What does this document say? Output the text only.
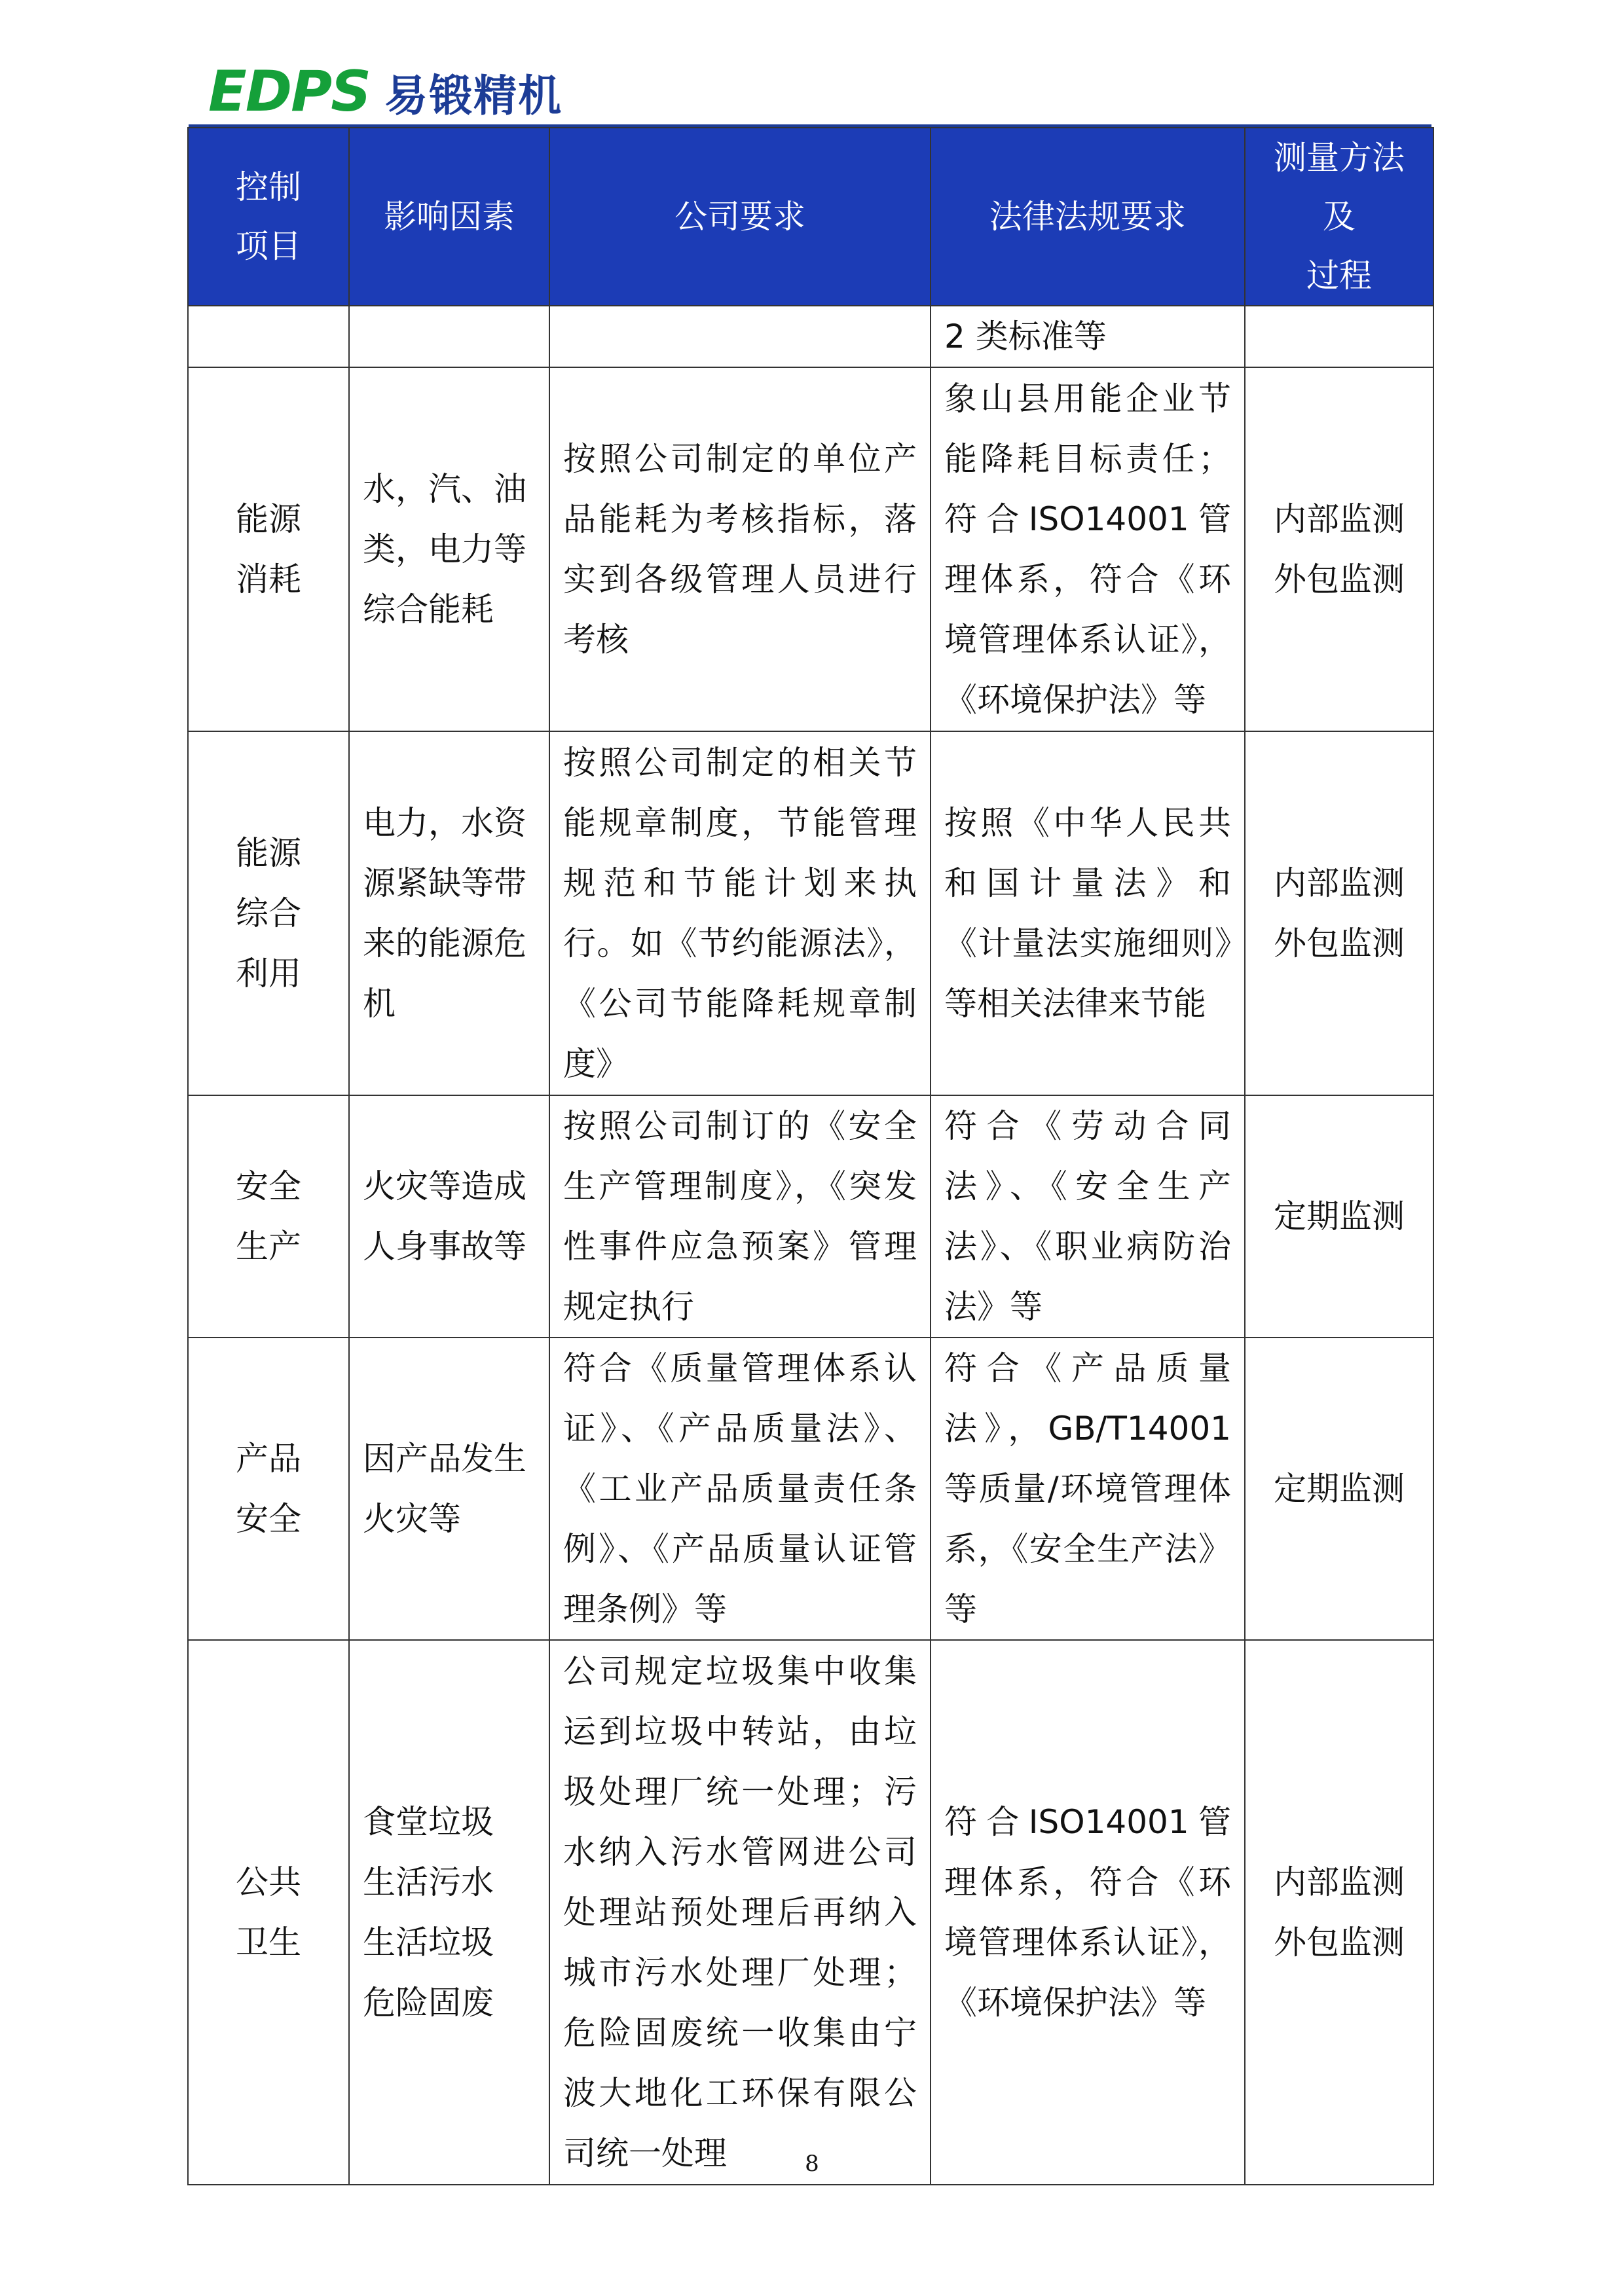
EDPS 易锻精机
控制
项目	影响因素	公司要求	法律法规要求	测量方法及
过程
			2 类标准等	
能源
消耗	水，汽、油类，电力等综合能耗	按照公司制定的单位产品能耗为考核指标，落实到各级管理人员进行考核	象山县用能企业节能降耗目标责任；符合ISO14001管理体系，符合《环境管理体系认证》，《环境保护法》等	内部监测
外包监测
能源
综合
利用	电力，水资源紧缺等带来的能源危机	按照公司制定的相关节能规章制度，节能管理规范和节能计划来执行。如《节约能源法》，《公司节能降耗规章制度》	按照《中华人民共和国计量法》和《计量法实施细则》等相关法律来节能	内部监测
外包监测
安全
生产	火灾等造成人身事故等	按照公司制订的《安全生产管理制度》，《突发性事件应急预案》管理规定执行	符合《劳动合同法》、《安全生产法》、《职业病防治法》等	定期监测
产品
安全	因产品发生火灾等	符合《质量管理体系认证》、《产品质量法》、《工业产品质量责任条例》、《产品质量认证管理条例》等	符合《产品质量法》，GB/T14001等质量/环境管理体系，《安全生产法》等	定期监测
公共
卫生	食堂垃圾
生活污水
生活垃圾
危险固废	公司规定垃圾集中收集运到垃圾中转站，由垃圾处理厂统一处理；污水纳入污水管网进公司处理站预处理后再纳入城市污水处理厂处理；危险固废统一收集由宁波大地化工环保有限公司统一处理	符合ISO14001管理体系，符合《环境管理体系认证》，《环境保护法》等	内部监测
外包监测
8
